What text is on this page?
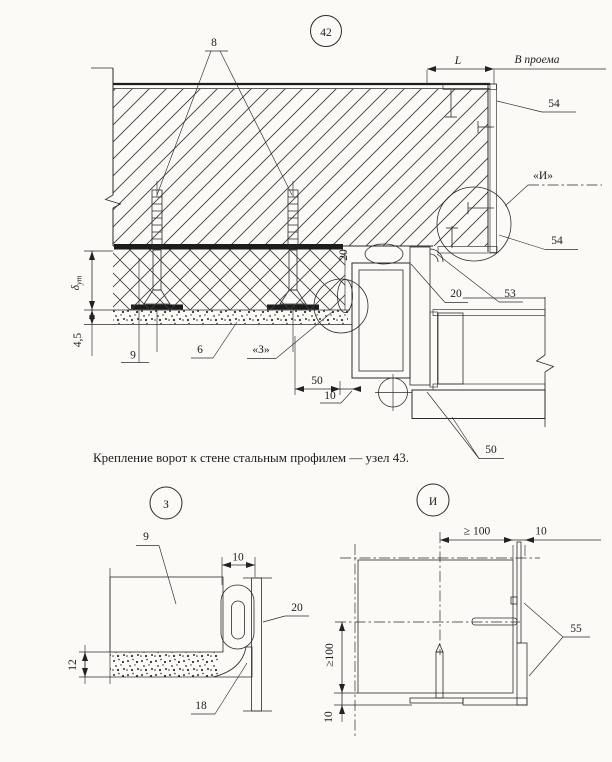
42
L	В проема
«И»
54
54
8
$\delta_{ут}$
4,5
9	6	«З»
50
10
20
53
20
50
Крепление ворот к стене стальным профилем — узел 43.
З
9
10
12
20
18
И
≥ 100	10
≥100
10
55
